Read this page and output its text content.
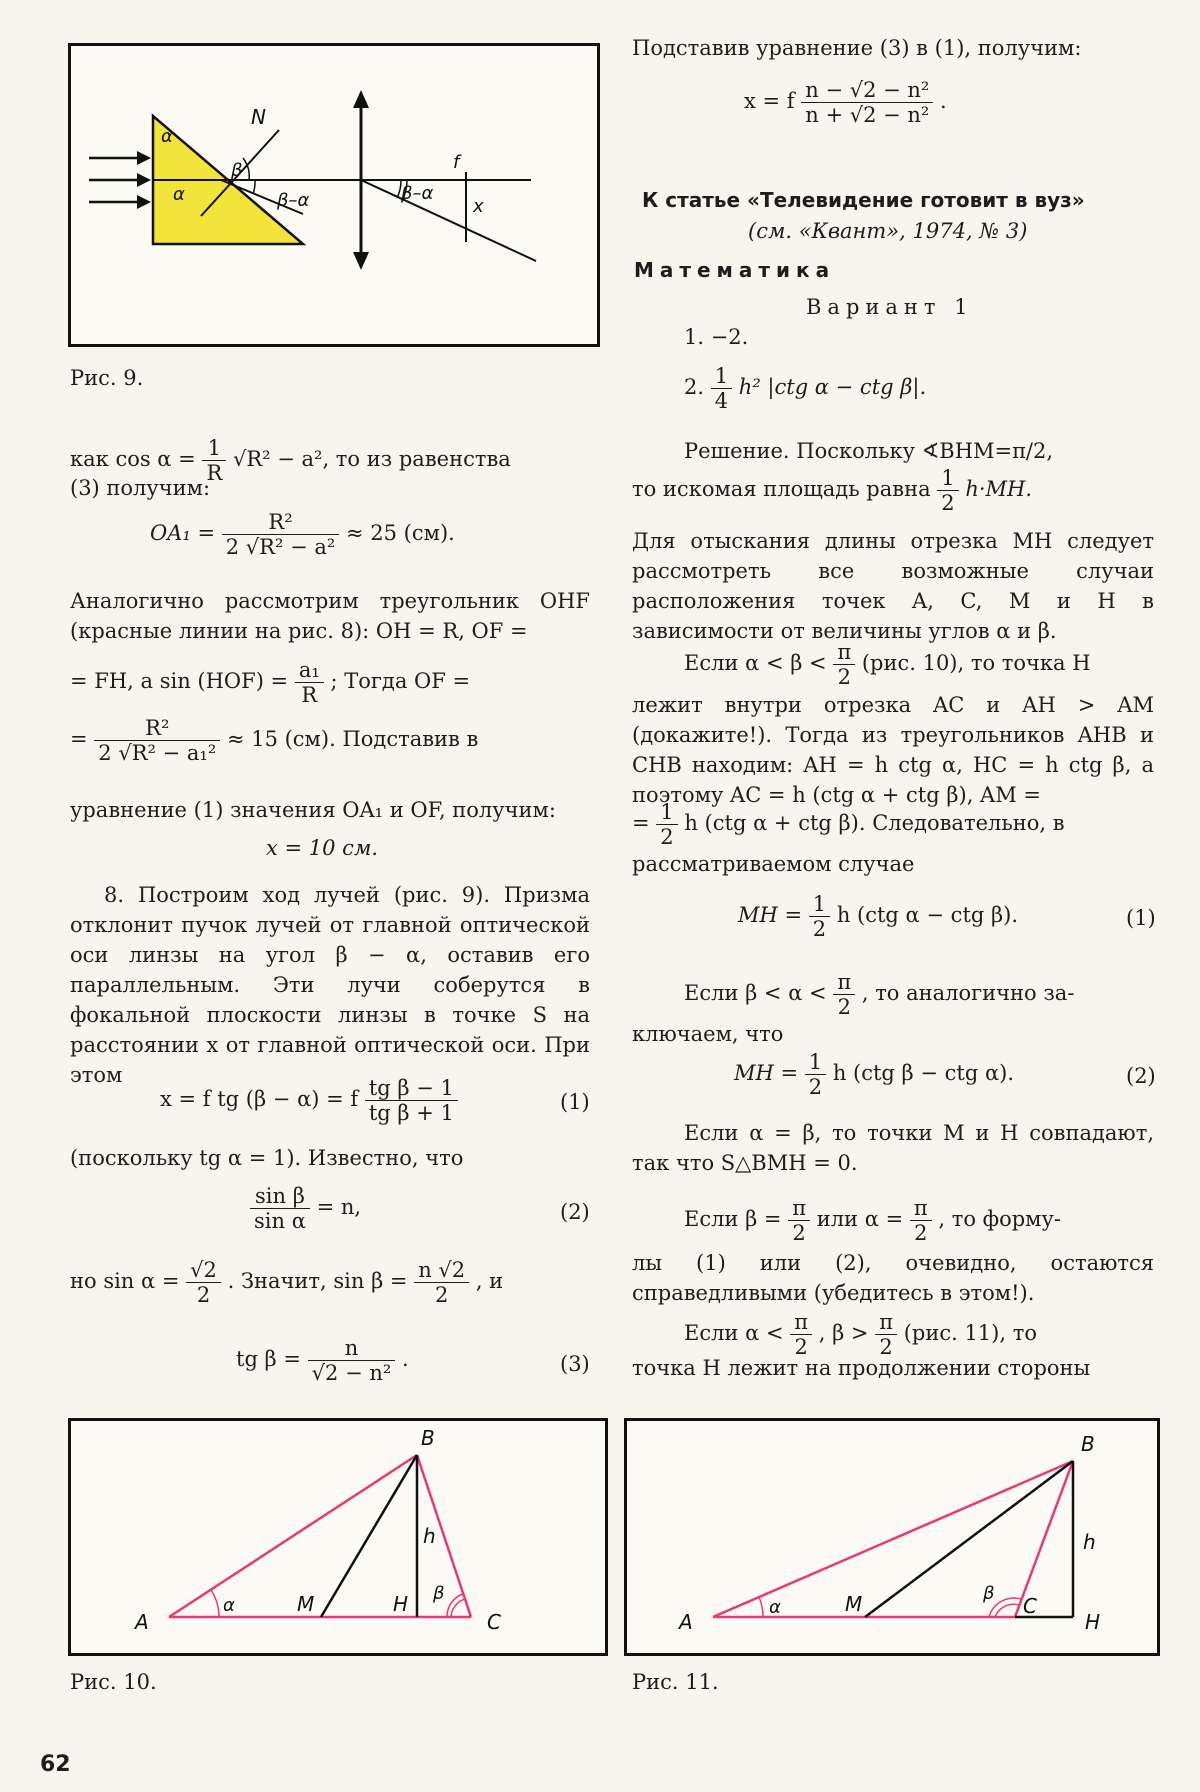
N
α
α
β
β–α	β–α
f
x
Рис. 9.
как $\cos \alpha = \frac{1}{R} √R^2 - a^2$, то из равенства
(3) получим:
$OA_1 = \frac{\text{R²}}{\text{2 √R² − a²}} \approx 25$ (см).

Аналогично рассмотрим треугольник OHF (красные линии на рис. 8): OH = R, OF =

= FH, а $\sin (HOF) = \frac{\text{a₁}}{R}$ ; Тогда OF =
= $\frac{\text{R²}}{\text{2 √R² − a₁²}} \approx 15$ (см). Подставив в
уравнение (1) значения OA₁ и OF, получим:
x = 10 см.

8. Построим ход лучей (рис. 9). Призма отклонит пучок лучей от главной оптической оси линзы на угол β − α, оставив его параллельным. Эти лучи соберутся в фокальной плоскости линзы в точке S на расстоянии x от главной оптической оси. При этом

x = f tg (β − α) = f $\frac{\text{tg β − 1}}{\text{tg β + 1}}$	(1)
(поскольку tg α = 1). Известно, что
$\frac{\text{sin β}}{\text{sin α}} = n$,	(2)
но $\sin \alpha = \frac{√2}{2}$ . Значит, $\sin \beta = \frac{n √2}{2}$ , и
tg $\beta = \frac{n}{\text{√2 − n²}}$ .	(3)
Подставив уравнение (3) в (1), получим:
x = f $\frac{\text{n − √2 − n²}}{\text{n + √2 − n²}}$ .
К статье «Телевидение готовит в вуз»
(см. «Квант», 1974, № 3)
Математика
Вариант 1
1. −2.
2. $\frac{1}{4} h^2$ |ctg α − ctg β|.
Решение. Поскольку ∢BHM=π/2,
то искомая площадь равна $\frac{1}{2} h\cdot MH$.

Для отыскания длины отрезка MH следует рассмотреть все возможные случаи расположения точек A, C, M и H в зависимости от величины углов α и β.

Если $\alpha < \beta < \frac{\pi}{2} (рис$. 10), то точка H

лежит внутри отрезка AC и AH > AM (докажите!). Тогда из треугольников AHB и CHB находим: AH = h ctg α, HC = h ctg β, а поэтому AC = h (ctg α + ctg β), AM =

= $\frac{1}{2}$ h (ctg α + ctg β). Следовательно, в
рассматриваемом случае
MH = $\frac{1}{2}$ h (ctg α − ctg β).	(1)
Если $\beta < \alpha < \frac{\pi}{2}$ , то аналогично за-
ключаем, что
MH = $\frac{1}{2}$ h (ctg β − ctg α).	(2)

Если α = β, то точки M и H совпадают, так что S△BMH = 0.

Если $\beta = \frac{\pi}{2}$ или $\alpha = \frac{\pi}{2}$ , то форму-

лы (1) или (2), очевидно, остаются справедливыми (убедитесь в этом!).

Если $\alpha < \frac{\pi}{2}$ , $\beta > \frac{\pi}{2} (рис$. 11), то
точка H лежит на продолжении стороны
A
B
C
M	H
h
α
β
Рис. 10.
A
B
C
M
H
h
α
β
Рис. 11.
62
